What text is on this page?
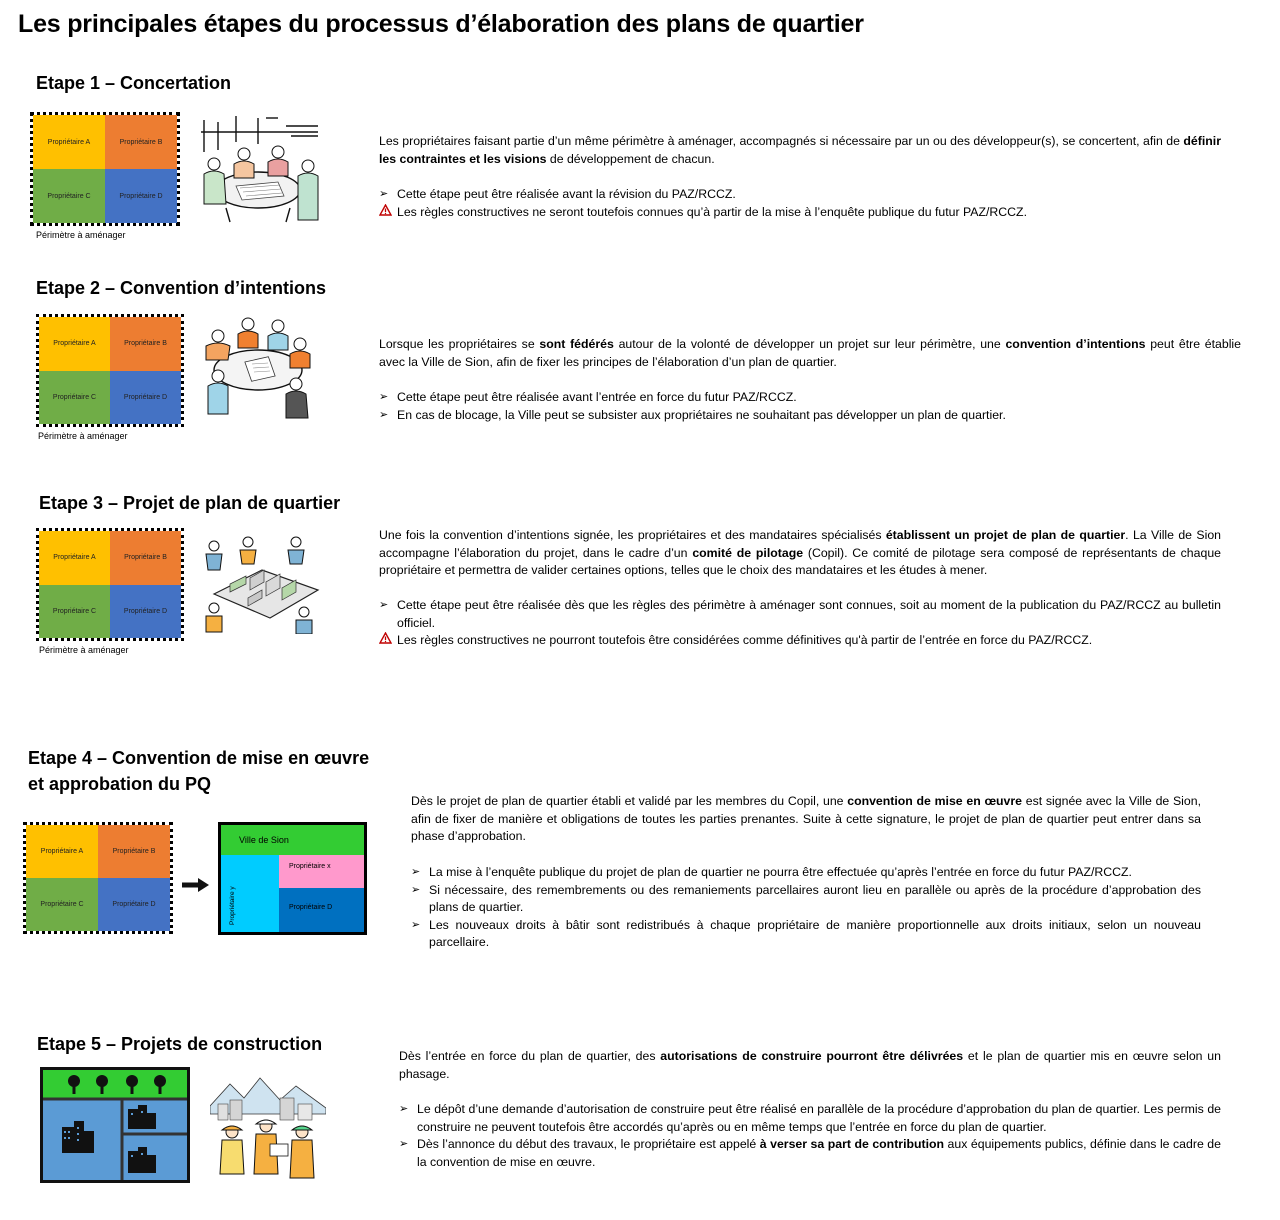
Les principales étapes du processus d’élaboration des plans de quartier
Etape 1 – Concertation
Propriétaire A	Propriétaire B
Propriétaire C	Propriétaire D
Périmètre à aménager
Les propriétaires faisant partie d’un même périmètre à aménager, accompagnés si nécessaire par un ou des développeur(s), se concertent, afin de définir les contraintes et les visions de développement de chacun.
➢ Cette étape peut être réalisée avant la révision du PAZ/RCCZ.
Les règles constructives ne seront toutefois connues qu’à partir de la mise à l’enquête publique du futur PAZ/RCCZ.
Etape 2 – Convention d’intentions
Propriétaire A	Propriétaire B
Propriétaire C	Propriétaire D
Périmètre à aménager
Lorsque les propriétaires se sont fédérés autour de la volonté de développer un projet sur leur périmètre, une convention d’intentions peut être établie avec la Ville de Sion, afin de fixer les principes de l’élaboration d’un plan de quartier.
➢ Cette étape peut être réalisée avant l’entrée en force du futur PAZ/RCCZ.
➢ En cas de blocage, la Ville peut se subsister aux propriétaires ne souhaitant pas développer un plan de quartier.
Etape 3 – Projet de plan de quartier
Propriétaire A	Propriétaire B
Propriétaire C	Propriétaire D
Périmètre à aménager
Une fois la convention d’intentions signée, les propriétaires et des mandataires spécialisés établissent un projet de plan de quartier. La Ville de Sion accompagne l’élaboration du projet, dans le cadre d’un comité de pilotage (Copil). Ce comité de pilotage sera composé de représentants de chaque propriétaire et permettra de valider certaines options, telles que le choix des mandataires et les études à mener.
➢ Cette étape peut être réalisée dès que les règles des périmètre à aménager sont connues, soit au moment de la publication du PAZ/RCCZ au bulletin officiel.
Les règles constructives ne pourront toutefois être considérées comme définitives qu'à partir de l’entrée en force du PAZ/RCCZ.
Etape 4 – Convention de mise en œuvre
et approbation du PQ
Propriétaire A	Propriétaire B
Propriétaire C	Propriétaire D
Ville de Sion
Propriétaire y
Propriétaire x
Propriétaire D
Dès le projet de plan de quartier établi et validé par les membres du Copil, une convention de mise en œuvre est signée avec la Ville de Sion, afin de fixer de manière et obligations de toutes les parties prenantes. Suite à cette signature, le projet de plan de quartier peut entrer dans sa phase d’approbation.
➢ La mise à l’enquête publique du projet de plan de quartier ne pourra être effectuée qu’après l’entrée en force du futur PAZ/RCCZ.
➢ Si nécessaire, des remembrements ou des remaniements parcellaires auront lieu en parallèle ou après de la procédure d’approbation des plans de quartier.
➢ Les nouveaux droits à bâtir sont redistribués à chaque propriétaire de manière proportionnelle aux droits initiaux, selon un nouveau parcellaire.
Etape 5 – Projets de construction
Dès l’entrée en force du plan de quartier, des autorisations de construire pourront être délivrées et le plan de quartier mis en œuvre selon un phasage.
➢ Le dépôt d’une demande d’autorisation de construire peut être réalisé en parallèle de la procédure d’approbation du plan de quartier. Les permis de construire ne peuvent toutefois être accordés qu’après ou en même temps que l’entrée en force du plan de quartier.
➢ Dès l’annonce du début des travaux, le propriétaire est appelé à verser sa part de contribution aux équipements publics, définie dans le cadre de la convention de mise en œuvre.
